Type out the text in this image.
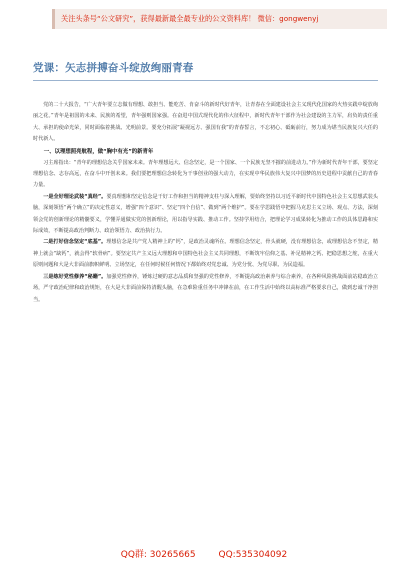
关注头条号“公文研究”，获得最新最全最专业的公文资料库！ 微信：gongwenyj
党课：矢志拼搏奋斗绽放绚丽青春

党的二十大报告，“广大青年要立志做有理想、敢担当、能吃苦、肯奋斗的新时代好青年，让青春在全面建设社会主义现代化国家的火热实践中绽放绚丽之花。”青年是祖国的未来、民族的希望，青年强则国家强。在奋进中国式现代化的伟大征程中，新时代青年干部作为社会建设的主力军，肩负的责任重大、承担的使命光荣，同时面临着挑战、光明前景。要充分拓展“凝视远方、强国有我”的青春誓言，不忘初心、砥砺前行，努力成为堪当民族复兴大任的时代新人。

一、以理想照亮航程，做“胸中有光”的新青年

习主席指出：“青年的理想信念关乎国家未来。青年理想远大、信念坚定，是一个国家、一个民族无坚不摧的前进动力。”作为新时代青年干部，要坚定理想信念、志存高远，在奋斗中开创未来。我们要把理想信念转化为干事创业的强大动力，在实现中华民族伟大复兴中国梦的历史进程中贡献自己的青春力量。

一是全好理论武装“真经”。要真理想和坚定信念是干好工作和担当的精神支柱与深入理解，要始终坚持以习近平新时代中国特色社会主义思想武装头脑，深刻领悟“两个确立”的决定性意义，增强“四个意识”、坚定“四个自信”、做到“两个维护”。要在学思践悟中把握马克思主义立场、观点、方法，深刻领会党的创新理论的精髓要义，学懂弄通做实党的创新理论，用以指导实践、推动工作。坚持学用结合，把理论学习成果转化为推动工作的具体思路和实际成效，不断提高政治判断力、政治领悟力、政治执行力。

二是打好信念坚定“底基”。理想信念是共产党人精神上的“钙”，是政治灵魂所在。理想信念坚定，骨头就硬，没有理想信念，或理想信念不坚定，精神上就会“缺钙”，就会得“软骨病”。要坚定共产主义远大理想和中国特色社会主义共同理想，不断筑牢信仰之基、补足精神之钙、把稳思想之舵，在重大原则问题和大是大非面前旗帜鲜明、立场坚定，在任何时候任何情况下都始终对党忠诚、为党分忧、为党尽职、为民造福。

三是练好党性修养“秘籍”。加强党性修养，锤炼过硬的意志品质和坚强的党性修养，不断提高政治素养与综合素养，在各种风险挑战面前站稳政治立场，严守政治纪律和政治规矩，在大是大非面前保持清醒头脑，在急难险重任务中冲锋在前，在工作生活中始终以高标准严格要求自己，做到忠诚干净担当。

QQ群: 30265665	QQ:535304092
